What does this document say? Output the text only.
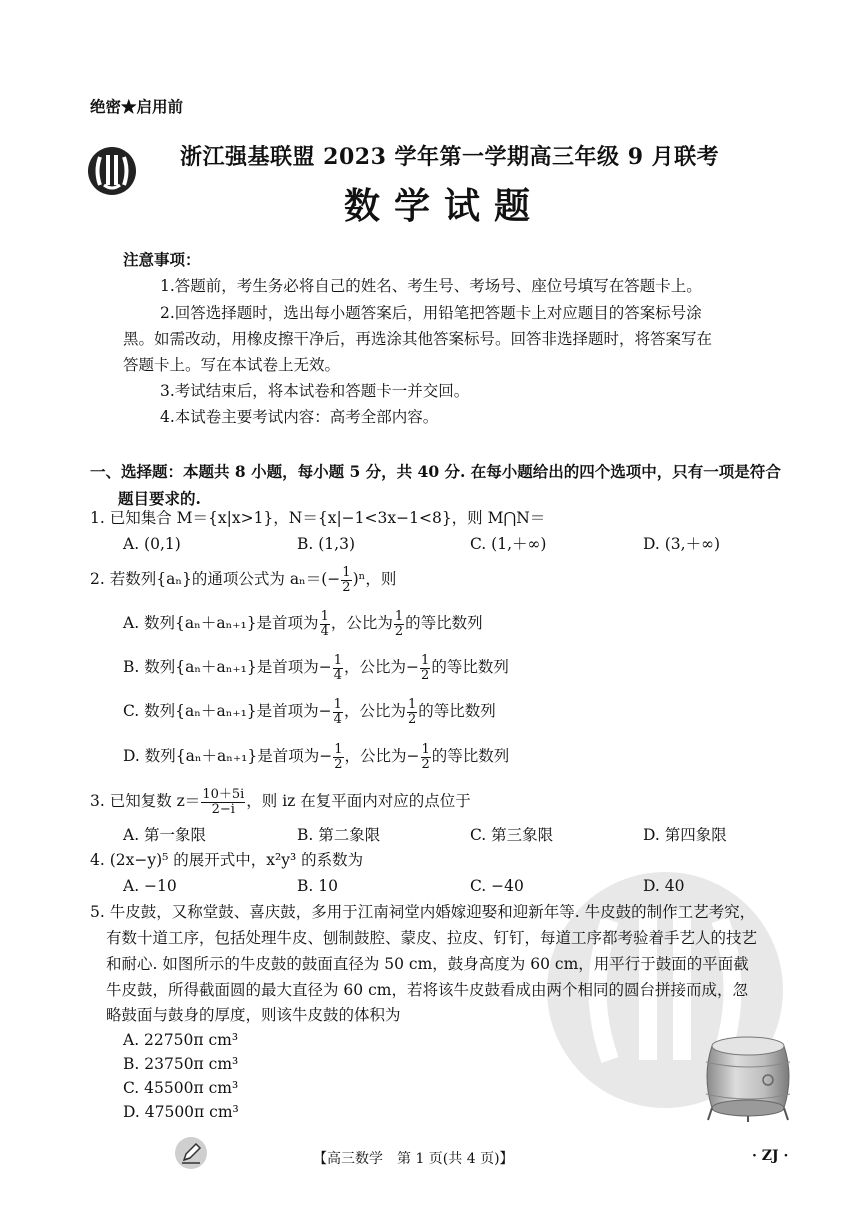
绝密★启用前
浙江强基联盟 2023 学年第一学期高三年级 9 月联考
数学试题
注意事项：
1.答题前，考生务必将自己的姓名、考生号、考场号、座位号填写在答题卡上。
2.回答选择题时，选出每小题答案后，用铅笔把答题卡上对应题目的答案标号涂
黑。如需改动，用橡皮擦干净后，再选涂其他答案标号。回答非选择题时，将答案写在
答题卡上。写在本试卷上无效。
3.考试结束后，将本试卷和答题卡一并交回。
4.本试卷主要考试内容：高考全部内容。
一、选择题：本题共 8 小题，每小题 5 分，共 40 分. 在每小题给出的四个选项中，只有一项是符合
题目要求的.
1. 已知集合 M＝{x|x>1}，N＝{x|−1<3x−1<8}，则 M⋂N＝
A. (0,1)	B. (1,3)	C. (1,＋∞)	D. (3,＋∞)
2. 若数列{aₙ}的通项公式为 $a_n=(- \frac{1}{2} )^n$，则
A. 数列{aₙ＋aₙ₊₁}是首项为 $\frac{1}{4}$ ，公比为 $\frac{1}{2}$ 的等比数列
B. 数列{aₙ＋aₙ₊₁}是首项为− $\frac{1}{4}$ ，公比为− $\frac{1}{2}$ 的等比数列
C. 数列{aₙ＋aₙ₊₁}是首项为− $\frac{1}{4}$ ，公比为 $\frac{1}{2}$ 的等比数列
D. 数列{aₙ＋aₙ₊₁}是首项为− $\frac{1}{2}$ ，公比为− $\frac{1}{2}$ 的等比数列
3. 已知复数 $z= \frac{10+5i}{2-i}$ ，则 iz 在复平面内对应的点位于
A. 第一象限	B. 第二象限	C. 第三象限	D. 第四象限
4. (2x−y)⁵ 的展开式中，x²y³ 的系数为
A. −10	B. 10	C. −40	D. 40
5. 牛皮鼓，又称堂鼓、喜庆鼓，多用于江南祠堂内婚嫁迎娶和迎新年等. 牛皮鼓的制作工艺考究，
有数十道工序，包括处理牛皮、刨制鼓腔、蒙皮、拉皮、钉钉，每道工序都考验着手艺人的技艺
和耐心. 如图所示的牛皮鼓的鼓面直径为 50 cm，鼓身高度为 60 cm，用平行于鼓面的平面截
牛皮鼓，所得截面圆的最大直径为 60 cm，若将该牛皮鼓看成由两个相同的圆台拼接而成，忽
略鼓面与鼓身的厚度，则该牛皮鼓的体积为
A. 22750π cm³
B. 23750π cm³
C. 45500π cm³
D. 47500π cm³
【高三数学　第 1 页(共 4 页)】	· ZJ ·
